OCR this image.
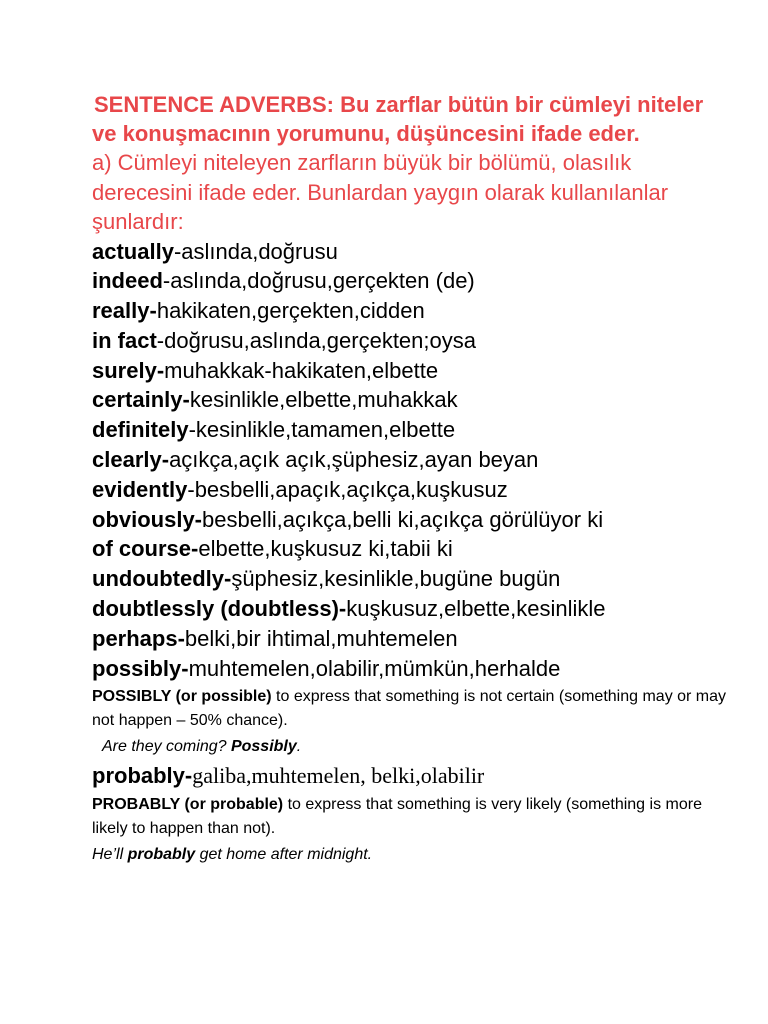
SENTENCE ADVERBS: Bu zarflar bütün bir cümleyi niteler ve konuşmacının yorumunu, düşüncesini ifade eder.
a) Cümleyi niteleyen zarfların büyük bir bölümü, olasılık derecesini ifade eder. Bunlardan yaygın olarak kullanılanlar şunlardır:
actually-aslında,doğrusu
indeed-aslında,doğrusu,gerçekten (de)
really-hakikaten,gerçekten,cidden
in fact-doğrusu,aslında,gerçekten;oysa
surely-muhakkak-hakikaten,elbette
certainly-kesinlikle,elbette,muhakkak
definitely-kesinlikle,tamamen,elbette
clearly-açıkça,açık açık,şüphesiz,ayan beyan
evidently-besbelli,apaçık,açıkça,kuşkusuz
obviously-besbelli,açıkça,belli ki,açıkça görülüyor ki
of course-elbette,kuşkusuz ki,tabii ki
undoubtedly-şüphesiz,kesinlikle,bugüne bugün
doubtlessly (doubtless)-kuşkusuz,elbette,kesinlikle
perhaps-belki,bir ihtimal,muhtemelen
possibly-muhtemelen,olabilir,mümkün,herhalde
POSSIBLY (or possible) to express that something is not certain (something may or may not happen – 50% chance).
Are they coming? Possibly.
probably-galiba,muhtemelen, belki,olabilir
PROBABLY (or probable) to express that something is very likely (something is more likely to happen than not).
He’ll probably get home after midnight.
